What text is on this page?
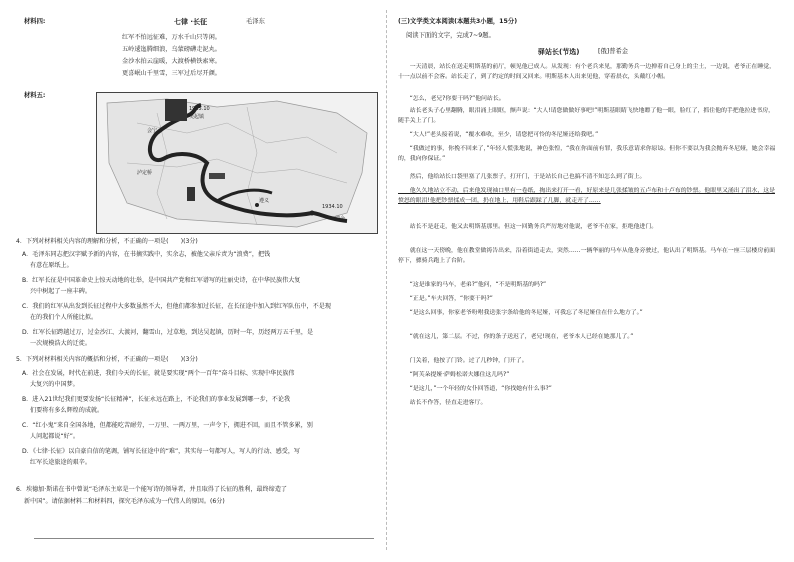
材料四:	七律 ·长征	毛泽东
红军不怕远征难，万水千山只等闲。
五岭逶迤腾细浪，乌蒙磅礴走泥丸。
金沙水拍云崖暖，大渡桥横铁索寒。
更喜岷山千里雪，三军过后尽开颜。
材料五:
1934.10
1935.10
吴起镇
遵义
瑞金
泸定桥
会宁
4．下列对材料相关内容的理解和分析，不正确的一项是(　　)(3分)
A．毛泽东同志把汉字赋予新的内容，在书摘实践中，实余志，被他父亲斥责为“浪费”，把钱
　 有意在原纸上。
B．红军长征是中国革命史上惊天动地的壮举，是中国共产党和红军谱写的壮丽史诗，在中华民族伟大复
　 兴中树起了一座丰碑。
C．我们的红军从出发到长征过程中大多数虽然不大，但他们都参加过长征，在长征途中加入到红军队伍中，不是现
　 在的我们个人所能比拟。
D．红军长征跨越过万，过金沙江、大渡河，翻雪山，过草地，到达吴起镇，历时一年，历经两万五千里，是
　 一次规模浩大的迁徙。
5．下列对材料相关内容的概括和分析，不正确的一项是(　　)(3分)
A．社会在发展，时代在前进，我们今天的长征，就是要实现“两个一百年”奋斗目标、实现中华民族伟
　 大复兴的中国梦。
B．进入21世纪我们更要发扬“长征精神”，长征永远在路上，不论我们的事业发展到哪一步，不论我
　 们要将有多么辉煌的成就。
C．“红小鬼”来自全国各地，但都能吃苦耐劳，一万里、一两万里，一声令下，拥进不回，而且不管多累，别
　 人问起都说“好”。
D．《七律·长征》以自豪自信的笔调，铺写长征途中的“难”，其实每一句都写人，写人的行动、感受，写
　 红军长途旅途的艰辛。
6．埃德加·斯诺在书中曾说“毛泽东主席是一个能写诗的领导者，并且取得了长征的胜利，最终缔造了
　 新中国”。请依据材料二和材料四，探究毛泽东成为一代伟人的原因。(6分)
(三)文学类文本阅读(本题共3小题，15分)
阅读下面的文字，完成7~9题。
驿站长(节选)	[俄]普希金
　　一天清晨，站长在送走明斯基的前厅，顿见他已成人。从发现：有个老兵来见，那勤务兵一边掸着自己身上的尘土，一边说，老爷正在睡觉，十一点以前不会客。站长走了，到了约定的时间又回来。明斯基本人出来见他，穿着晨衣，头戴红小帽。
　　“怎么，老兄?你要干吗?”他问站长。
　　站长老头子心里翻腾，眼泪涌上眼眶，颤声说：“大人!请您做做好事吧!”明斯基眼睛飞快地瞟了他一眼，脸红了，抓住他的手把他拉进书房，随手关上了门。
　　“大人!”老头接着说，“覆水难收，至少，请您把可怜的冬尼娅还给我吧。”
　　“我做过的事，你挽不回来了，”年轻人慌张地说，神色张惶，“我在你面前有罪，我乐意请求你原谅。但你不要以为我会抛弃冬尼娅，她会幸福的，我向你保证。”
　　然后，他给站长口袋里塞了几张票子，打开门，于是站长自己也搞不清不知怎么到了街上。
　　他久久地站立不动，后来他发现袖口里有一卷纸，掏出来打开一看，好原来是几张揉皱的五卢布和十卢布的钞票。他眼里又涌出了泪水，这是愤怒的眼泪!他把钞票揉成一团，扔在地上，用鞋后跟踩了几脚，就走开了……
　　站长不是赶走，他又去明斯基那里。但这一回勤务兵严厉地对他说，老爷不在家，拒绝他进门。
　　就在这一天傍晚，他在教堂做祷告出来，沿着街道走去，突然……一辆华丽的马车从他身旁驶过，他认出了明斯基。马车在一座三层楼房前面停下，骠骑兵跑上了台阶。
　　“这是谁家的马车，老弟?”他问，“不是明斯基的吗?”
　　“正是。”车夫回答，“你要干吗?”
　　“是这么回事，你家老爷吩咐我送张字条给他的冬尼娅，可我忘了冬尼娅住在什么地方了。”
　　“就在这儿，第二层。不过，你的条子送迟了，老兄!现在，老爷本人已经在她那儿了。”
　　门关着，他按了门铃。过了几秒钟，门开了。
　　“阿芙朵提娅·萨姆松诺夫娜住这儿吗?”
　　“是这儿，”一个年轻的女仆回答道，“你找她有什么事?”
　　站长不作答，径直走进客厅。
